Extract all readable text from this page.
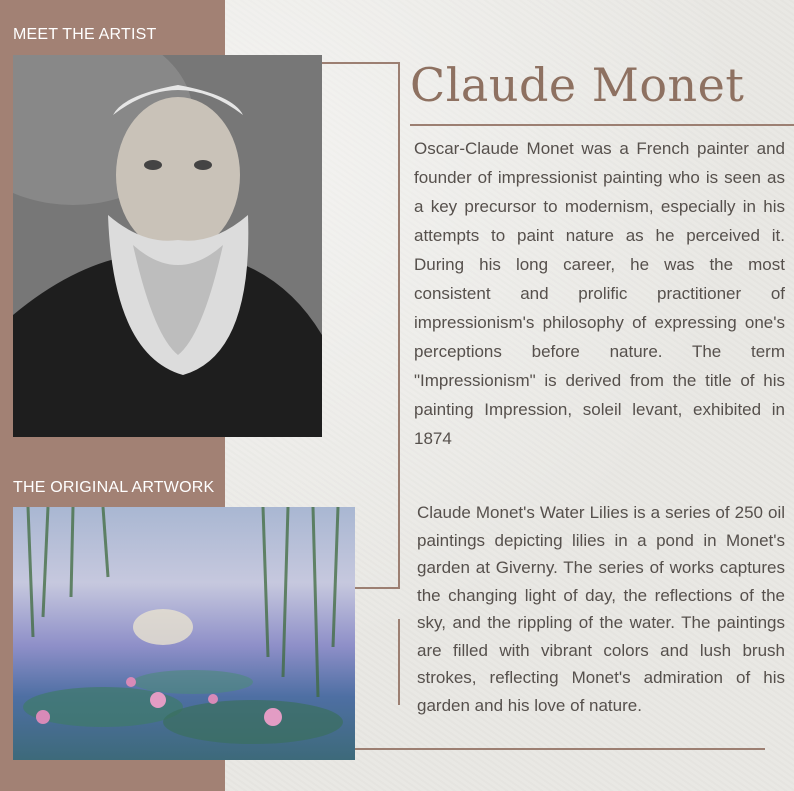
MEET THE ARTIST
THE ORIGINAL ARTWORK
Claude Monet
Oscar-Claude Monet was a French painter and founder of impressionist painting who is seen as a key precursor to modernism, especially in his attempts to paint nature as he perceived it. During his long career, he was the most consistent and prolific practitioner of impressionism's philosophy of expressing one's perceptions before nature. The term "Impressionism" is derived from the title of his painting Impression, soleil levant, exhibited in 1874
Claude Monet's Water Lilies is a series of 250 oil paintings depicting lilies in a pond in Monet's garden at Giverny. The series of works captures the changing light of day, the reflections of the sky, and the rippling of the water. The paintings are filled with vibrant colors and lush brush strokes, reflecting Monet's admiration of his garden and his love of nature.
